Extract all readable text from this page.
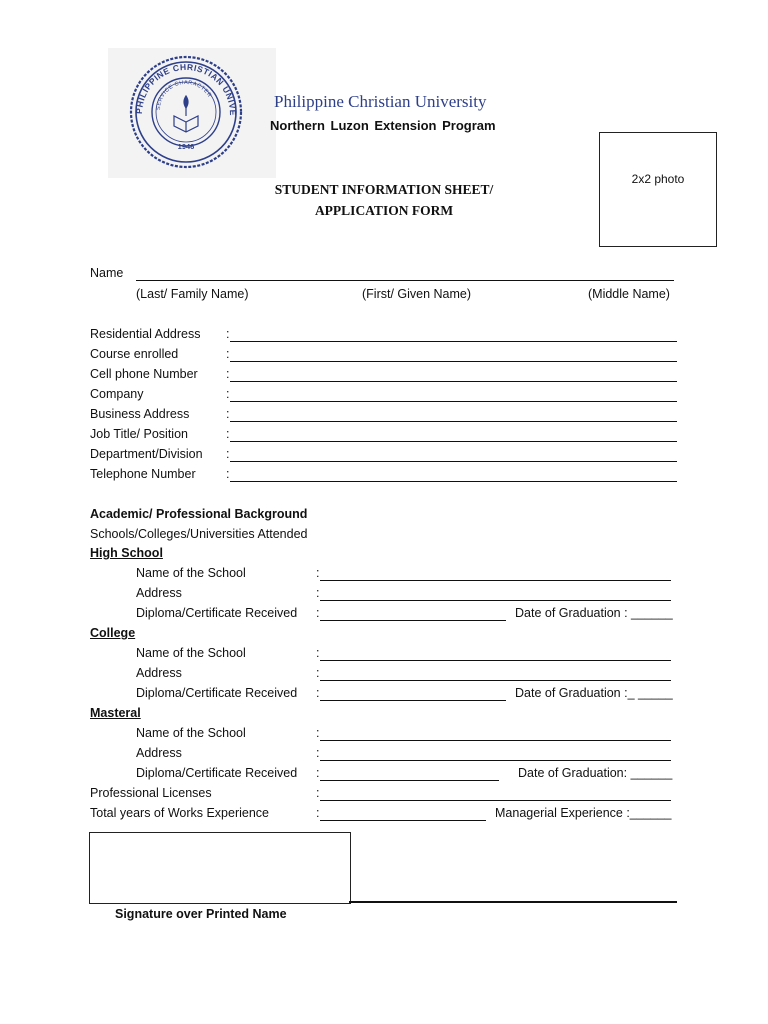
PHILIPPINE CHRISTIAN UNIVE
SERVICE CHARACTER
1946
Philippine Christian University
Northern Luzon Extension Program
STUDENT INFORMATION SHEET/
APPLICATION FORM
2x2 photo
Name
(Last/ Family Name)	(First/ Given Name)	(Middle Name)
Residential Address :
Course enrolled	:
Cell phone Number :
Company	:
Business Address	:
Job Title/ Position	:
Department/Division :
Telephone Number :
Academic/ Professional Background
Schools/Colleges/Universities Attended
High School
Name of the School	:
Address	:
Diploma/Certificate Received :	Date of Graduation : ______
College
Name of the School	:
Address	:
Diploma/Certificate Received :	Date of Graduation :_ _____
Masteral
Name of the School	:
Address	:
Diploma/Certificate Received :	Date of Graduation: ______
Professional Licenses	:
Total years of Works Experience	:	Managerial Experience :______
Signature over Printed Name
